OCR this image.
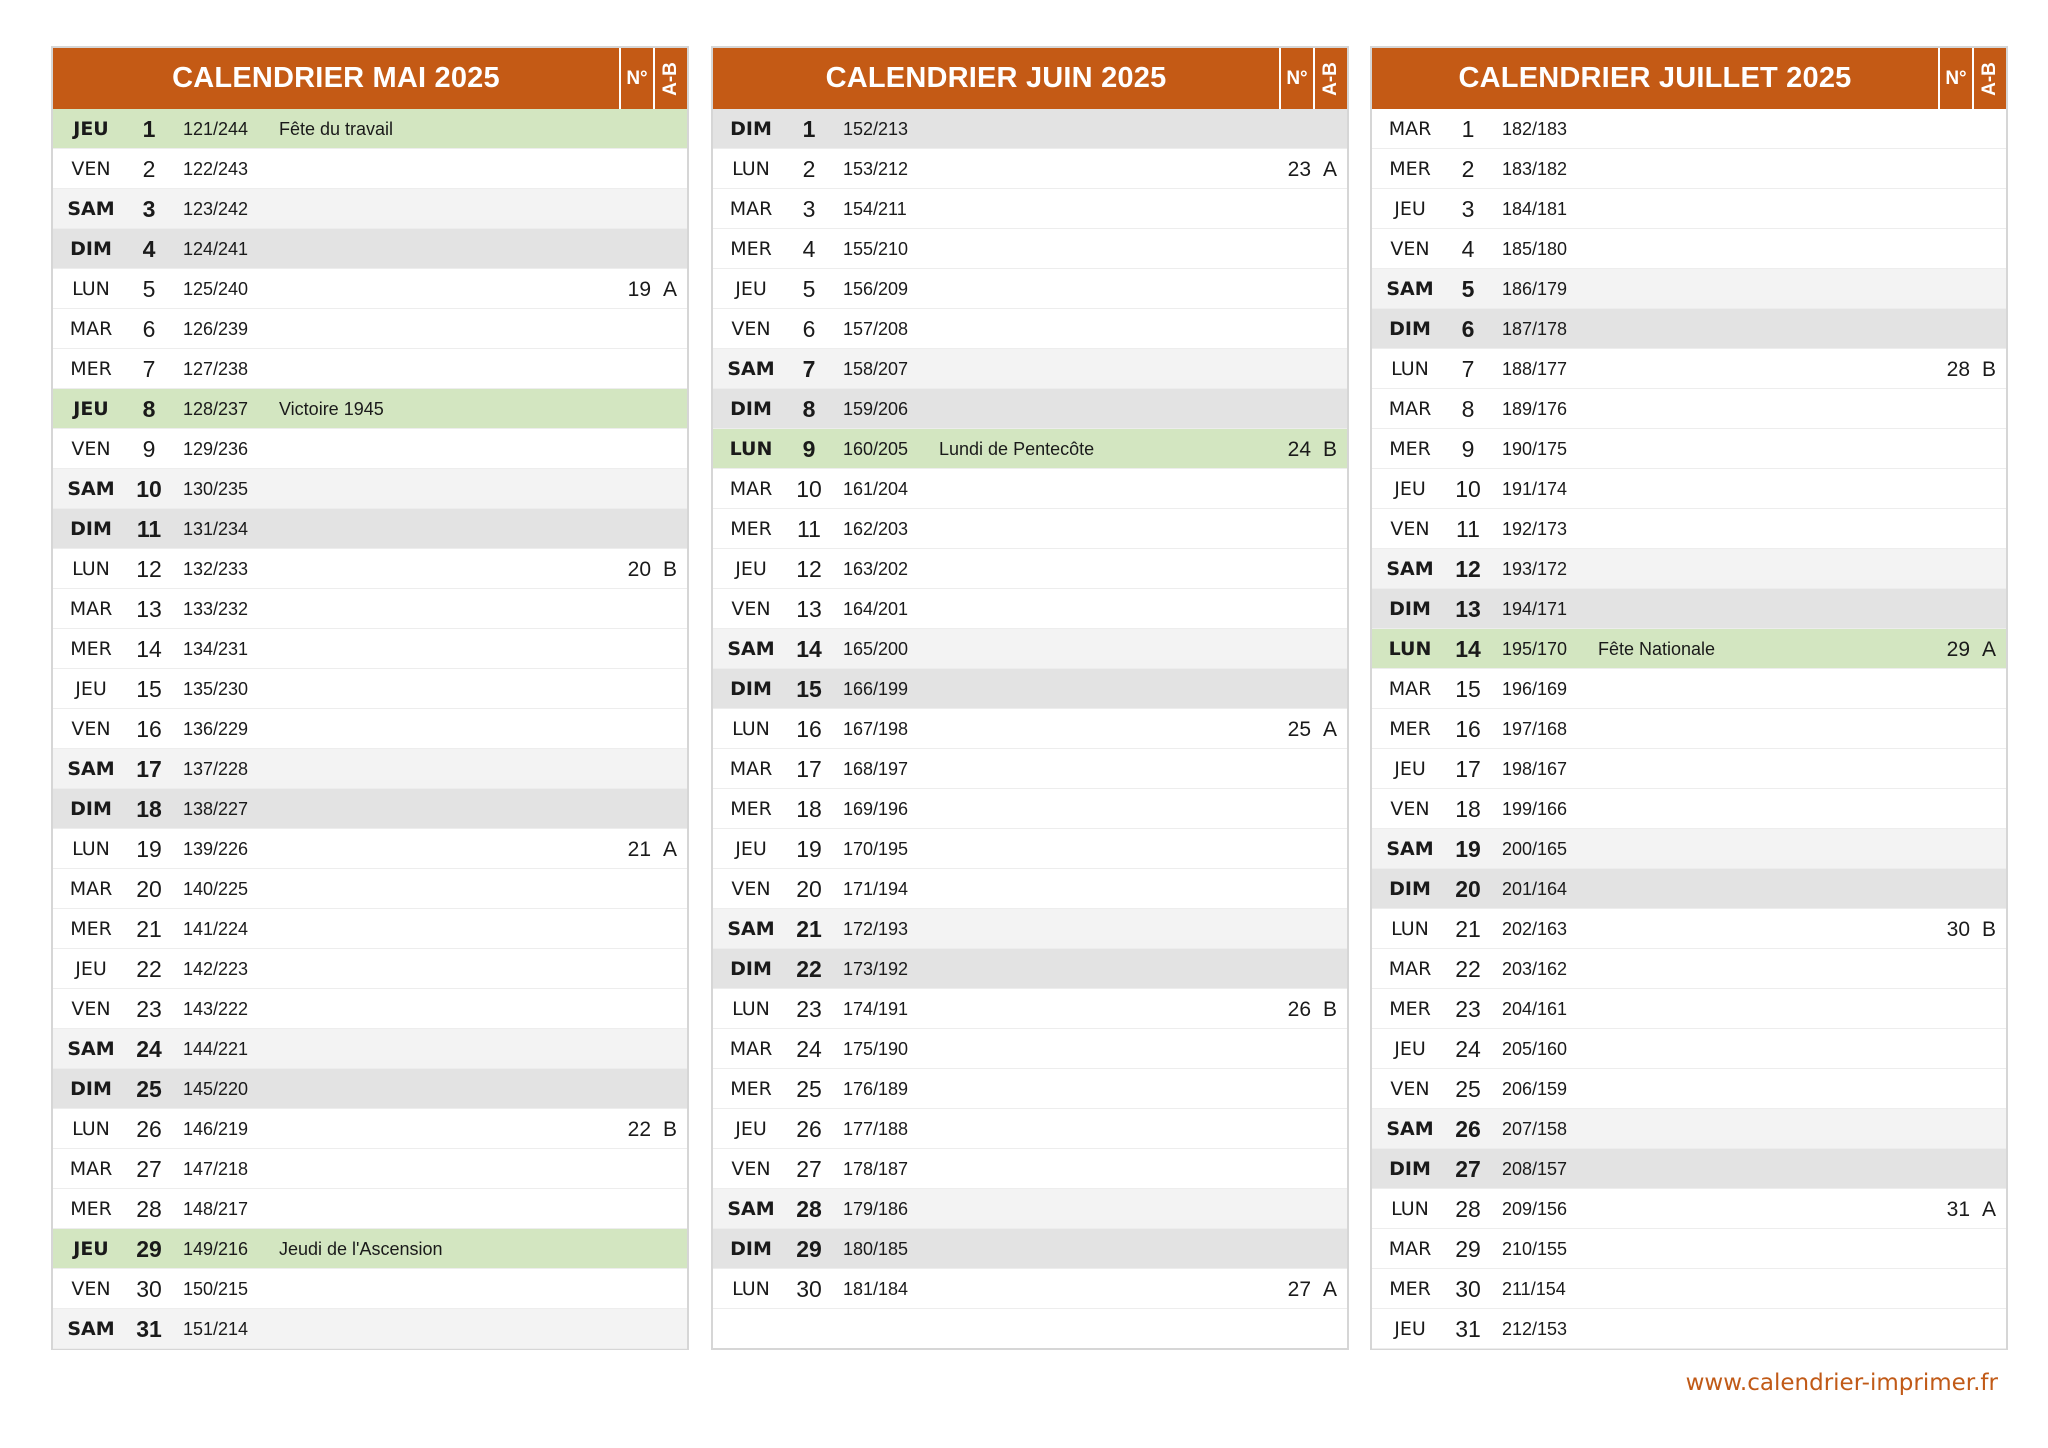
CALENDRIER MAI 2025	N° A-B
JEU	1	121/244 Fête du travail
VEN	2	122/243
SAM	3	123/242
DIM	4	124/241
LUN	5	125/240	19 A
MAR	6	126/239
MER	7	127/238
JEU	8	128/237 Victoire 1945
VEN	9	129/236
SAM 10	130/235
DIM	11	131/234
LUN	12	132/233	20 B
MAR	13	133/232
MER	14	134/231
JEU	15	135/230
VEN	16	136/229
SAM 17	137/228
DIM	18	138/227
LUN	19	139/226	21 A
MAR	20	140/225
MER	21	141/224
JEU	22	142/223
VEN	23	143/222
SAM 24	144/221
DIM	25	145/220
LUN	26	146/219	22 B
MAR	27	147/218
MER	28	148/217
JEU	29	149/216 Jeudi de l'Ascension
VEN	30	150/215
SAM 31	151/214
CALENDRIER JUIN 2025	N° A-B
DIM	1	152/213
LUN	2	153/212	23 A
MAR	3	154/211
MER	4	155/210
JEU	5	156/209
VEN	6	157/208
SAM	7	158/207
DIM	8	159/206
LUN	9	160/205 Lundi de Pentecôte	24 B
MAR	10	161/204
MER	11	162/203
JEU	12	163/202
VEN	13	164/201
SAM 14	165/200
DIM	15	166/199
LUN	16	167/198	25 A
MAR	17	168/197
MER	18	169/196
JEU	19	170/195
VEN	20	171/194
SAM 21	172/193
DIM	22	173/192
LUN	23	174/191	26 B
MAR	24	175/190
MER	25	176/189
JEU	26	177/188
VEN	27	178/187
SAM 28	179/186
DIM	29	180/185
LUN	30	181/184	27 A
CALENDRIER JUILLET 2025	N° A-B
MAR	1	182/183
MER	2	183/182
JEU	3	184/181
VEN	4	185/180
SAM	5	186/179
DIM	6	187/178
LUN	7	188/177	28 B
MAR	8	189/176
MER	9	190/175
JEU	10	191/174
VEN	11	192/173
SAM 12	193/172
DIM	13	194/171
LUN	14	195/170 Fête Nationale	29 A
MAR	15	196/169
MER	16	197/168
JEU	17	198/167
VEN	18	199/166
SAM 19	200/165
DIM	20	201/164
LUN	21	202/163	30 B
MAR	22	203/162
MER	23	204/161
JEU	24	205/160
VEN	25	206/159
SAM 26	207/158
DIM	27	208/157
LUN	28	209/156	31 A
MAR	29	210/155
MER	30	211/154
JEU	31	212/153
www.calendrier-imprimer.fr
